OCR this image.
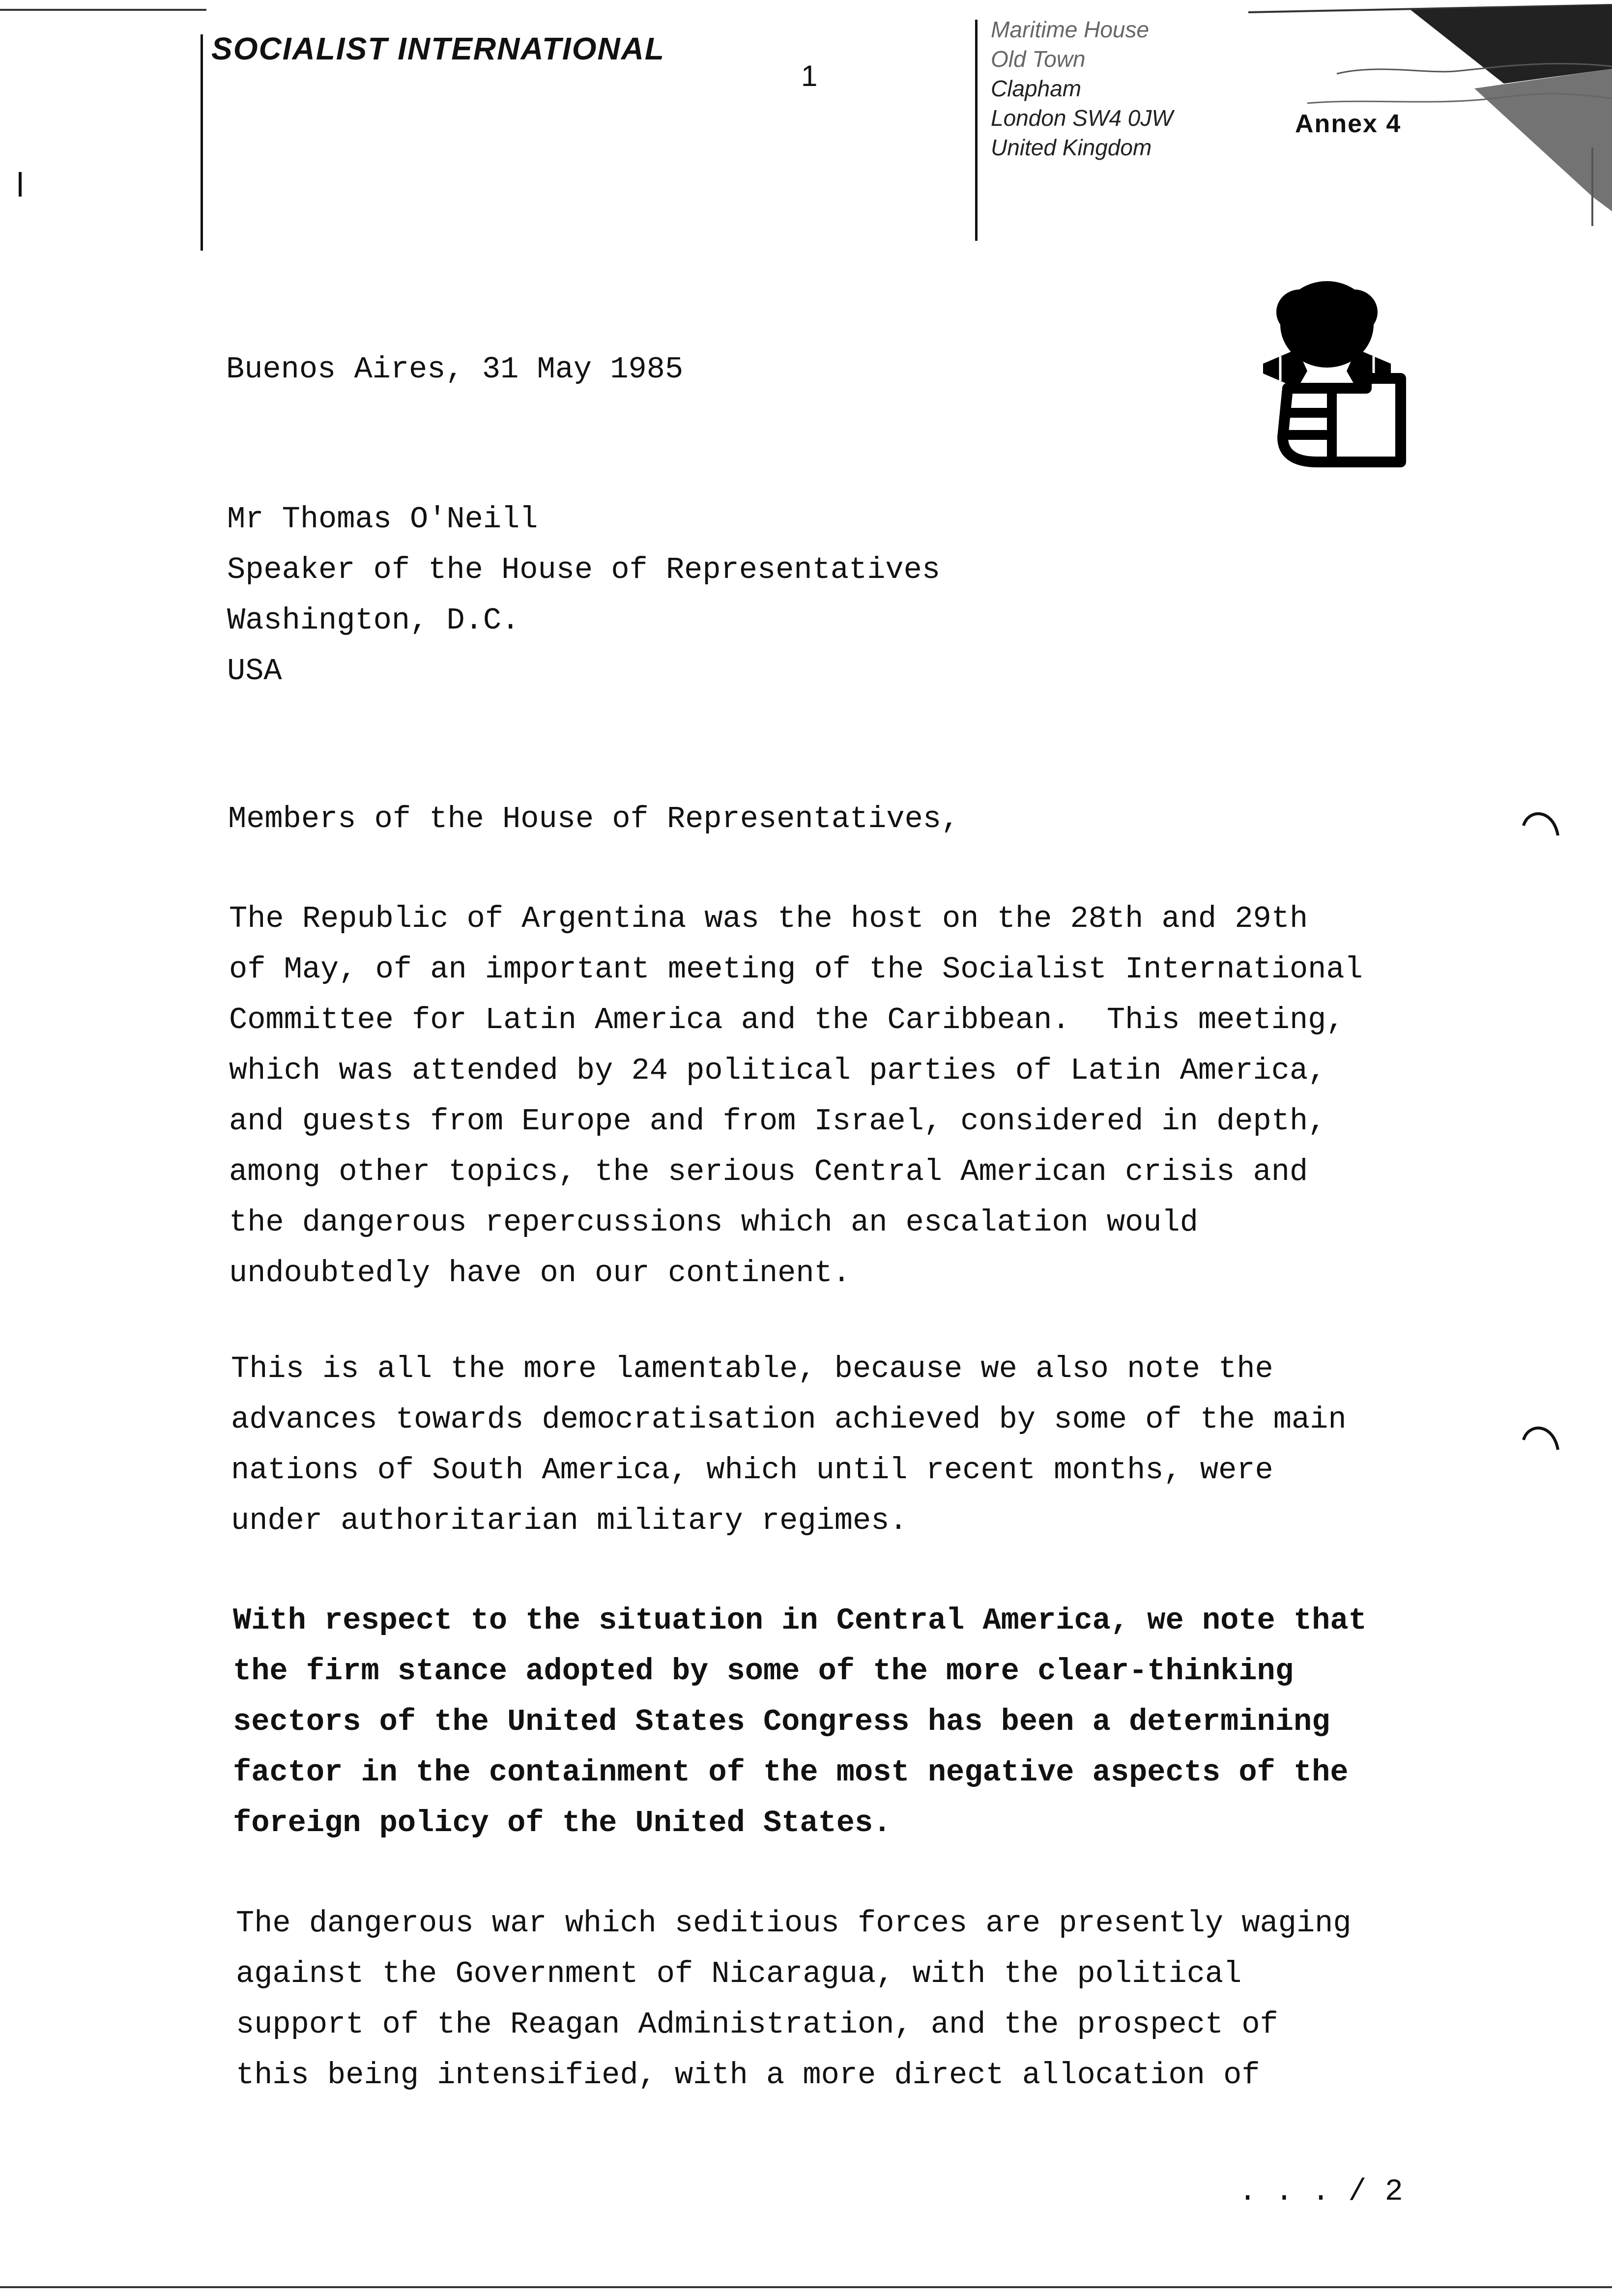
SOCIALIST INTERNATIONAL
1
Maritime House
Old Town
Clapham
London SW4 0JW
United Kingdom
Annex 4
Buenos Aires, 31 May 1985
Mr Thomas O'Neill
Speaker of the House of Representatives
Washington, D.C.
USA
Members of the House of Representatives,
The Republic of Argentina was the host on the 28th and 29th
of May, of an important meeting of the Socialist International
Committee for Latin America and the Caribbean.  This meeting,
which was attended by 24 political parties of Latin America,
and guests from Europe and from Israel, considered in depth,
among other topics, the serious Central American crisis and
the dangerous repercussions which an escalation would
undoubtedly have on our continent.
This is all the more lamentable, because we also note the
advances towards democratisation achieved by some of the main
nations of South America, which until recent months, were
under authoritarian military regimes.
With respect to the situation in Central America, we note that
the firm stance adopted by some of the more clear-thinking
sectors of the United States Congress has been a determining
factor in the containment of the most negative aspects of the
foreign policy of the United States.
The dangerous war which seditious forces are presently waging
against the Government of Nicaragua, with the political
support of the Reagan Administration, and the prospect of
this being intensified, with a more direct allocation of
. . . / 2
